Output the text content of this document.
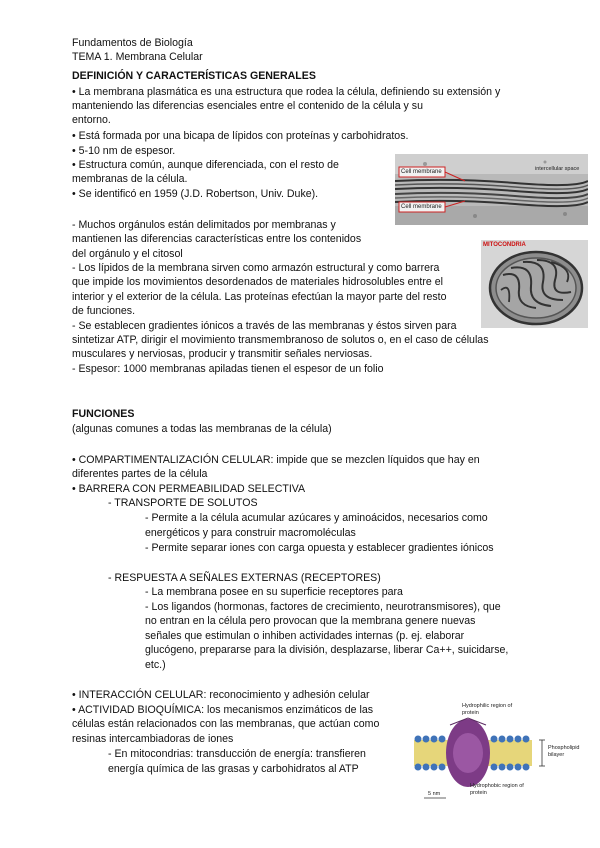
Fundamentos de Biología
TEMA 1. Membrana Celular
DEFINICIÓN Y CARACTERÍSTICAS GENERALES
• La membrana plasmática es una estructura que rodea la célula, definiendo su extensión y
manteniendo las diferencias esenciales entre el contenido de la célula y su
entorno.
• Está formada por una bicapa de lípidos con proteínas y carbohidratos.
• 5-10 nm de espesor.
• Estructura común, aunque diferenciada, con el resto de
membranas de la célula.
• Se identificó en 1959 (J.D. Robertson, Univ. Duke).
- Muchos orgánulos están delimitados por membranas y
mantienen las diferencias características entre los contenidos
del orgánulo y el citosol
- Los lípidos de la membrana sirven como armazón estructural y como barrera
que impide los movimientos desordenados de materiales hidrosolubles entre el
interior y el exterior de la célula. Las proteínas efectúan la mayor parte del resto
de funciones.
- Se establecen gradientes iónicos a través de las membranas y éstos sirven para
sintetizar ATP, dirigir el movimiento transmembranoso de solutos o, en el caso de células
musculares y nerviosas, producir y transmitir señales nerviosas.
- Espesor: 1000 membranas apiladas tienen el espesor de un folio
Cell membrane
Cell membrane
intercellular space
MITOCONDRIA
FUNCIONES
(algunas comunes a todas las membranas de la célula)
• COMPARTIMENTALIZACIÓN CELULAR: impide que se mezclen líquidos que hay en
diferentes partes de la célula
• BARRERA CON PERMEABILIDAD SELECTIVA
- TRANSPORTE DE SOLUTOS
- Permite a la célula acumular azúcares y aminoácidos, necesarios como
energéticos y para construir macromoléculas
- Permite separar iones con carga opuesta y establecer gradientes iónicos
- RESPUESTA A SEÑALES EXTERNAS (RECEPTORES)
- La membrana posee en su superficie receptores para
- Los ligandos (hormonas, factores de crecimiento, neurotransmisores), que
no entran en la célula pero provocan que la membrana genere nuevas
señales que estimulan o inhiben actividades internas (p. ej. elaborar
glucógeno, prepararse para la división, desplazarse, liberar Ca++, suicidarse,
etc.)
• INTERACCIÓN CELULAR: reconocimiento y adhesión celular
• ACTIVIDAD BIOQUÍMICA: los mecanismos enzimáticos de las
células están relacionados con las membranas, que actúan como
resinas intercambiadoras de iones
- En mitocondrias: transducción de energía: transfieren
energía química de las grasas y carbohidratos al ATP
Hydrophilic region of protein
Phospholipid bilayer
Hydrophobic region of protein
5 nm
